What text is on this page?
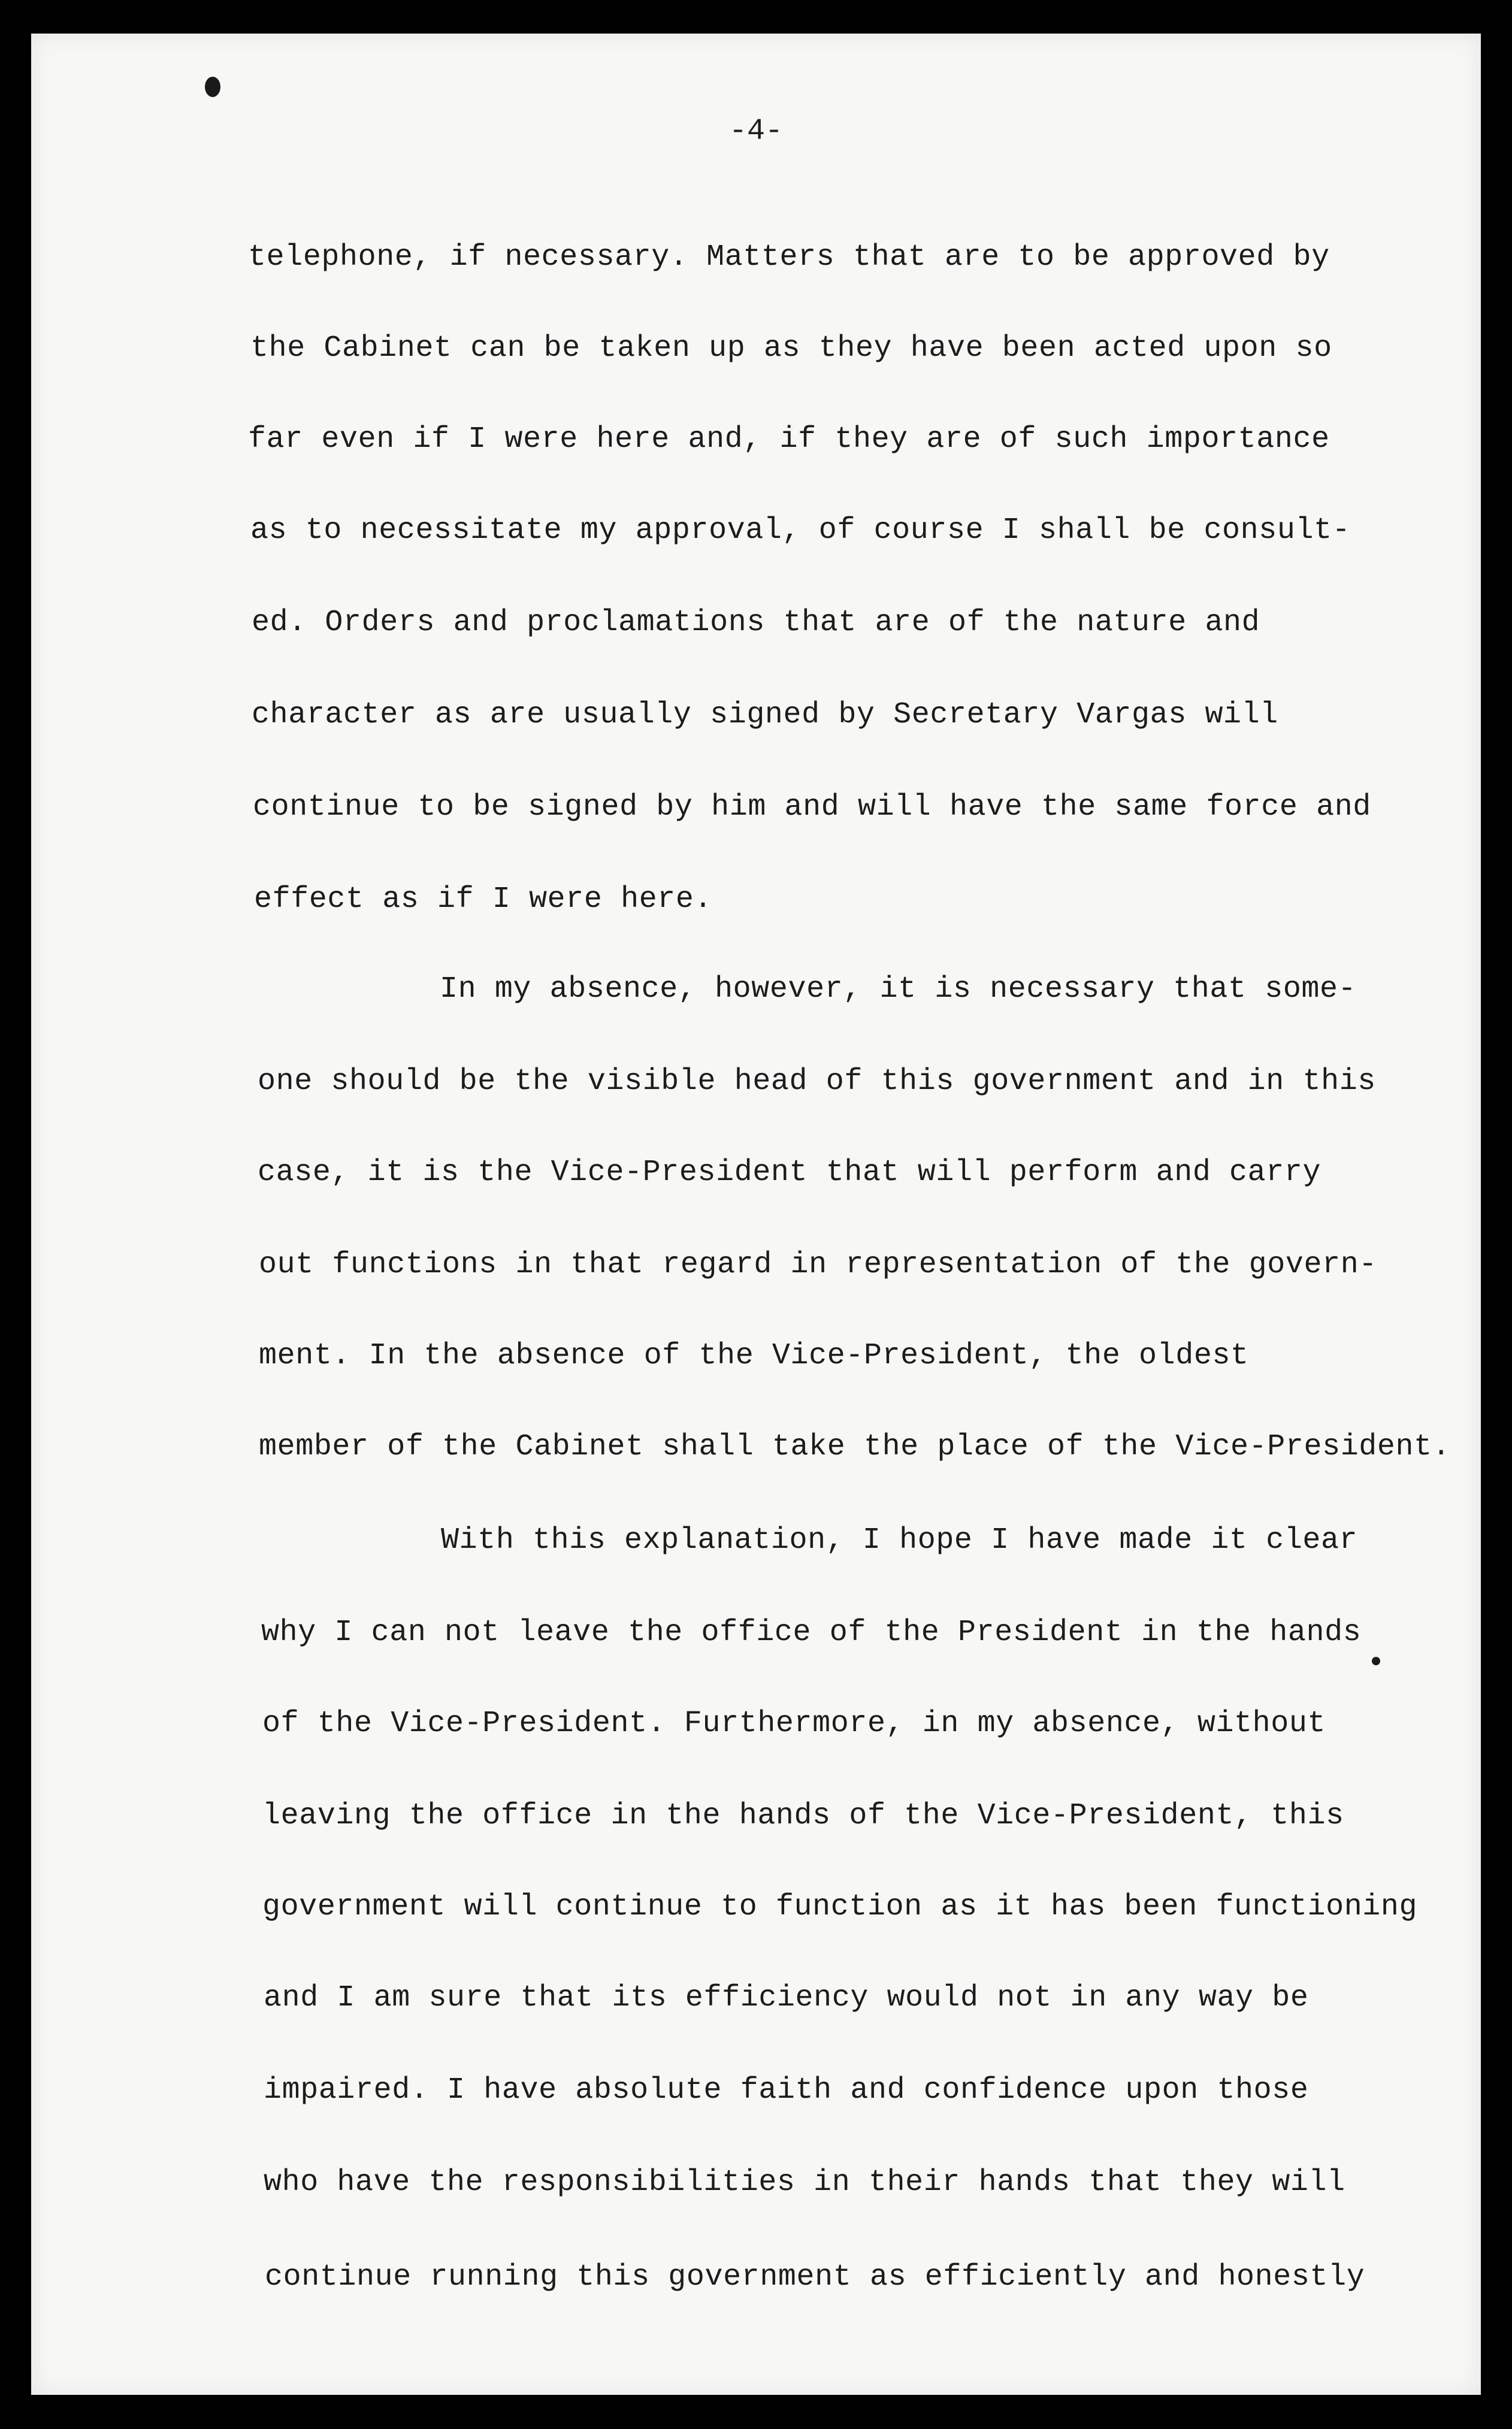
-4-
telephone, if necessary. Matters that are to be approved by
the Cabinet can be taken up as they have been acted upon so
far even if I were here and, if they are of such importance
as to necessitate my approval, of course I shall be consult-
ed. Orders and proclamations that are of the nature and
character as are usually signed by Secretary Vargas will
continue to be signed by him and will have the same force and
effect as if I were here.
In my absence, however, it is necessary that some-
one should be the visible head of this government and in this
case, it is the Vice-President that will perform and carry
out functions in that regard in representation of the govern-
ment. In the absence of the Vice-President, the oldest
member of the Cabinet shall take the place of the Vice-President.
With this explanation, I hope I have made it clear
why I can not leave the office of the President in the hands
of the Vice-President. Furthermore, in my absence, without
leaving the office in the hands of the Vice-President, this
government will continue to function as it has been functioning
and I am sure that its efficiency would not in any way be
impaired. I have absolute faith and confidence upon those
who have the responsibilities in their hands that they will
continue running this government as efficiently and honestly
